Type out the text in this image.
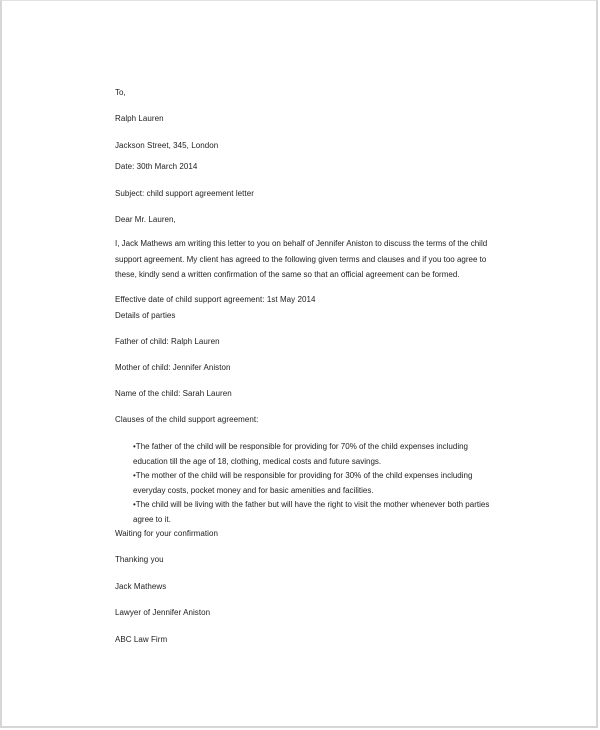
To,
Ralph Lauren
Jackson Street, 345, London
Date: 30th March 2014
Subject: child support agreement letter
Dear Mr. Lauren,
I, Jack Mathews am writing this letter to you on behalf of Jennifer Aniston to discuss the terms of the child
support agreement. My client has agreed to the following given terms and clauses and if you too agree to
these, kindly send a written confirmation of the same so that an official agreement can be formed.
Effective date of child support agreement: 1st May 2014
Details of parties
Father of child: Ralph Lauren
Mother of child: Jennifer Aniston
Name of the child: Sarah Lauren
Clauses of the child support agreement:
•The father of the child will be responsible for providing for 70% of the child expenses including
education till the age of 18, clothing, medical costs and future savings.
•The mother of the child will be responsible for providing for 30% of the child expenses including
everyday costs, pocket money and for basic amenities and facilities.
•The child will be living with the father but will have the right to visit the mother whenever both parties
agree to it.
Waiting for your confirmation
Thanking you
Jack Mathews
Lawyer of Jennifer Aniston
ABC Law Firm
